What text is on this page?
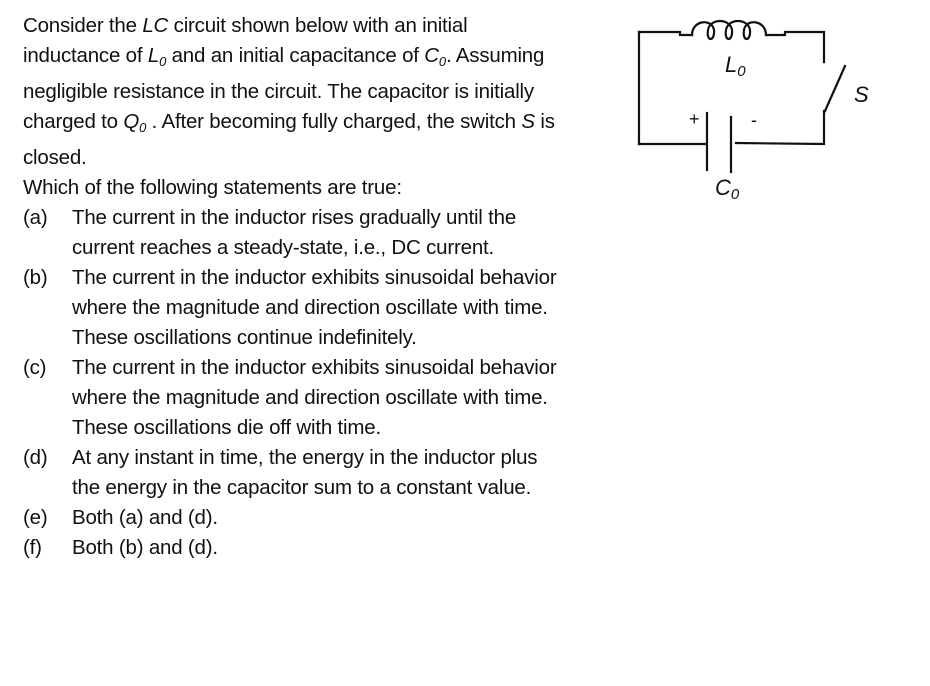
Consider the LC circuit shown below with an initial inductance of $L_0$ and an initial capacitance of $C_0$. Assuming negligible resistance in the circuit. The capacitor is initially charged to $Q_0$ . After becoming fully charged, the switch S is closed.

Which of the following statements are true:

(a)	The current in the inductor rises gradually until the current reaches a steady-state, i.e., DC current.
(b)	The current in the inductor exhibits sinusoidal behavior where the magnitude and direction oscillate with time. These oscillations continue indefinitely.
(c)	The current in the inductor exhibits sinusoidal behavior where the magnitude and direction oscillate with time. These oscillations die off with time.
(d)	At any instant in time, the energy in the inductor plus the energy in the capacitor sum to a constant value.
(e)	Both (a) and (d).
(f)	Both (b) and (d).
+	-
L0
C0
S
